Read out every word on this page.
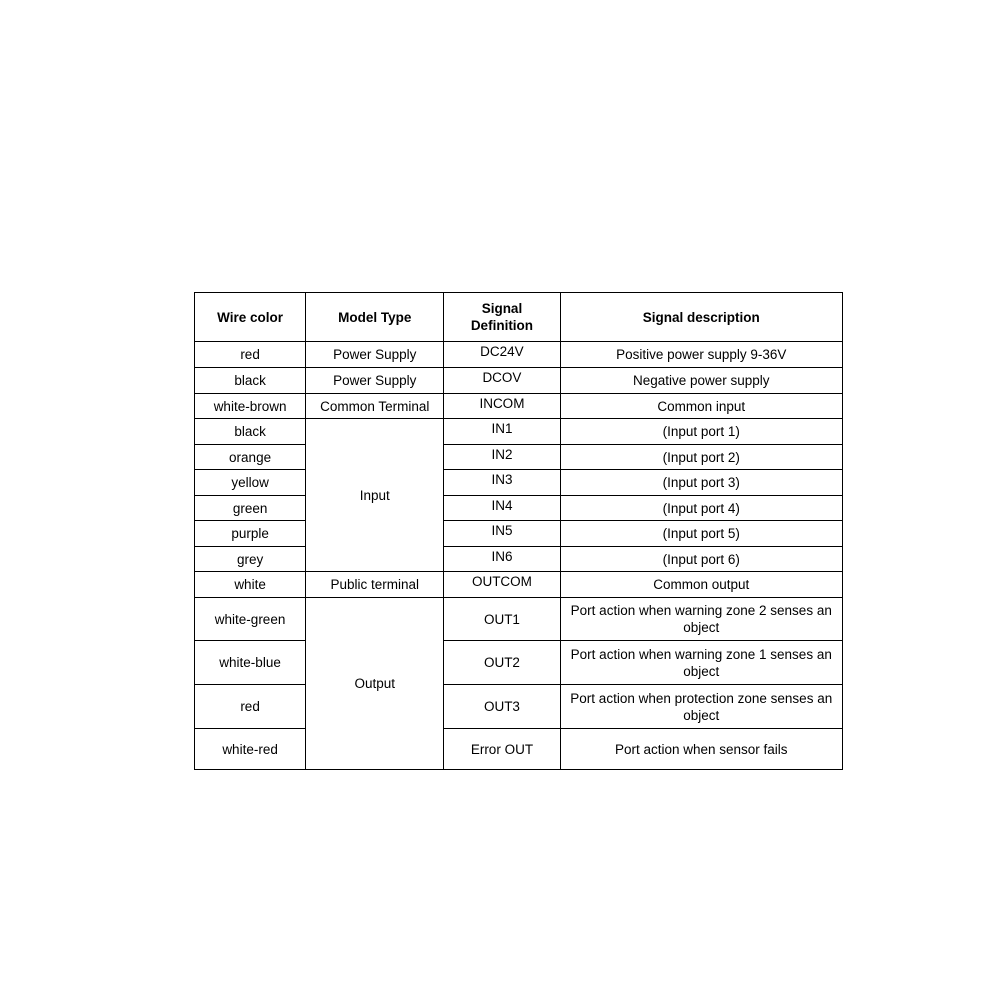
Wire color	Model Type	Signal Definition	Signal description
red	Power Supply	DC24V	Positive power supply 9-36V
black	Power Supply	DCOV	Negative power supply
white-brown	Common Terminal	INCOM	Common input
black	Input	IN1	(Input port 1)
orange		IN2	(Input port 2)
yellow		IN3	(Input port 3)
green		IN4	(Input port 4)
purple		IN5	(Input port 5)
grey		IN6	(Input port 6)
white	Public terminal	OUTCOM	Common output
white-green	Output	OUT1	Port action when warning zone 2 senses an object
white-blue		OUT2	Port action when warning zone 1 senses an object
red		OUT3	Port action when protection zone senses an object
white-red		Error OUT	Port action when sensor fails
